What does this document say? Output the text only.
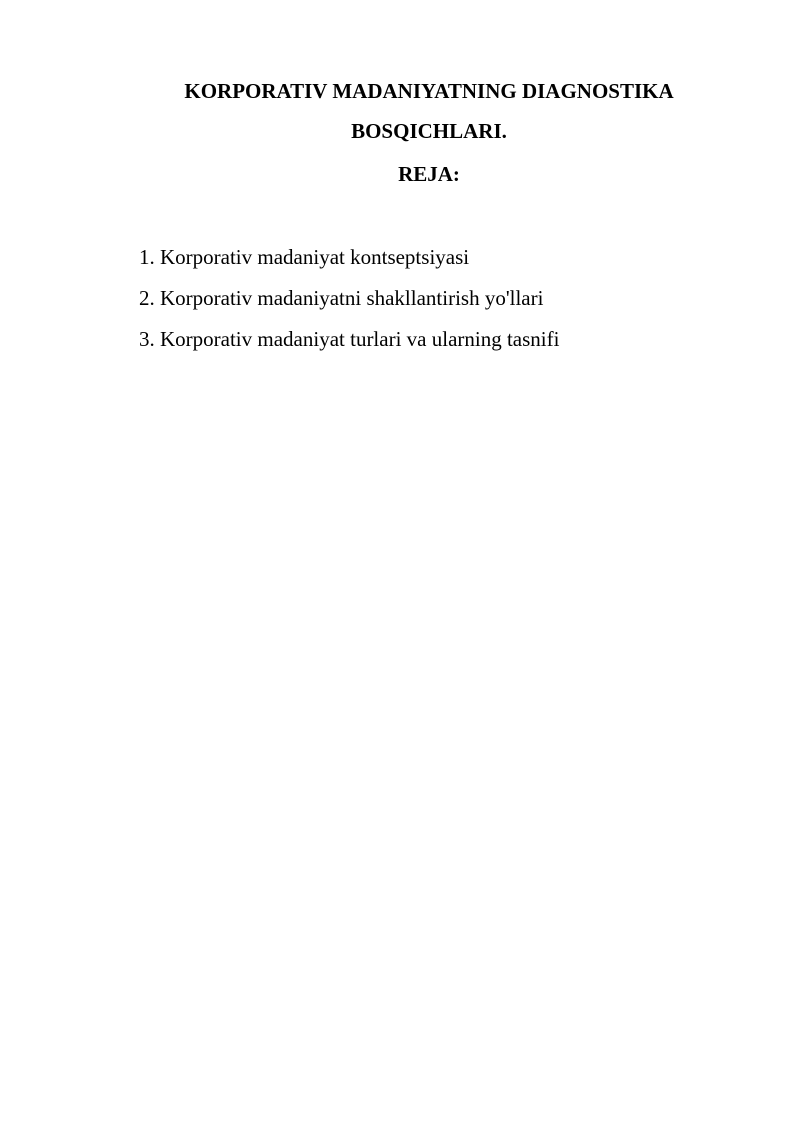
KORPORATIV MADANIYATNING DIAGNOSTIKA
BOSQICHLARI.
REJA:
1. Korporativ madaniyat kontseptsiyasi
2. Korporativ madaniyatni shakllantirish yo'llari
3. Korporativ madaniyat turlari va ularning tasnifi
